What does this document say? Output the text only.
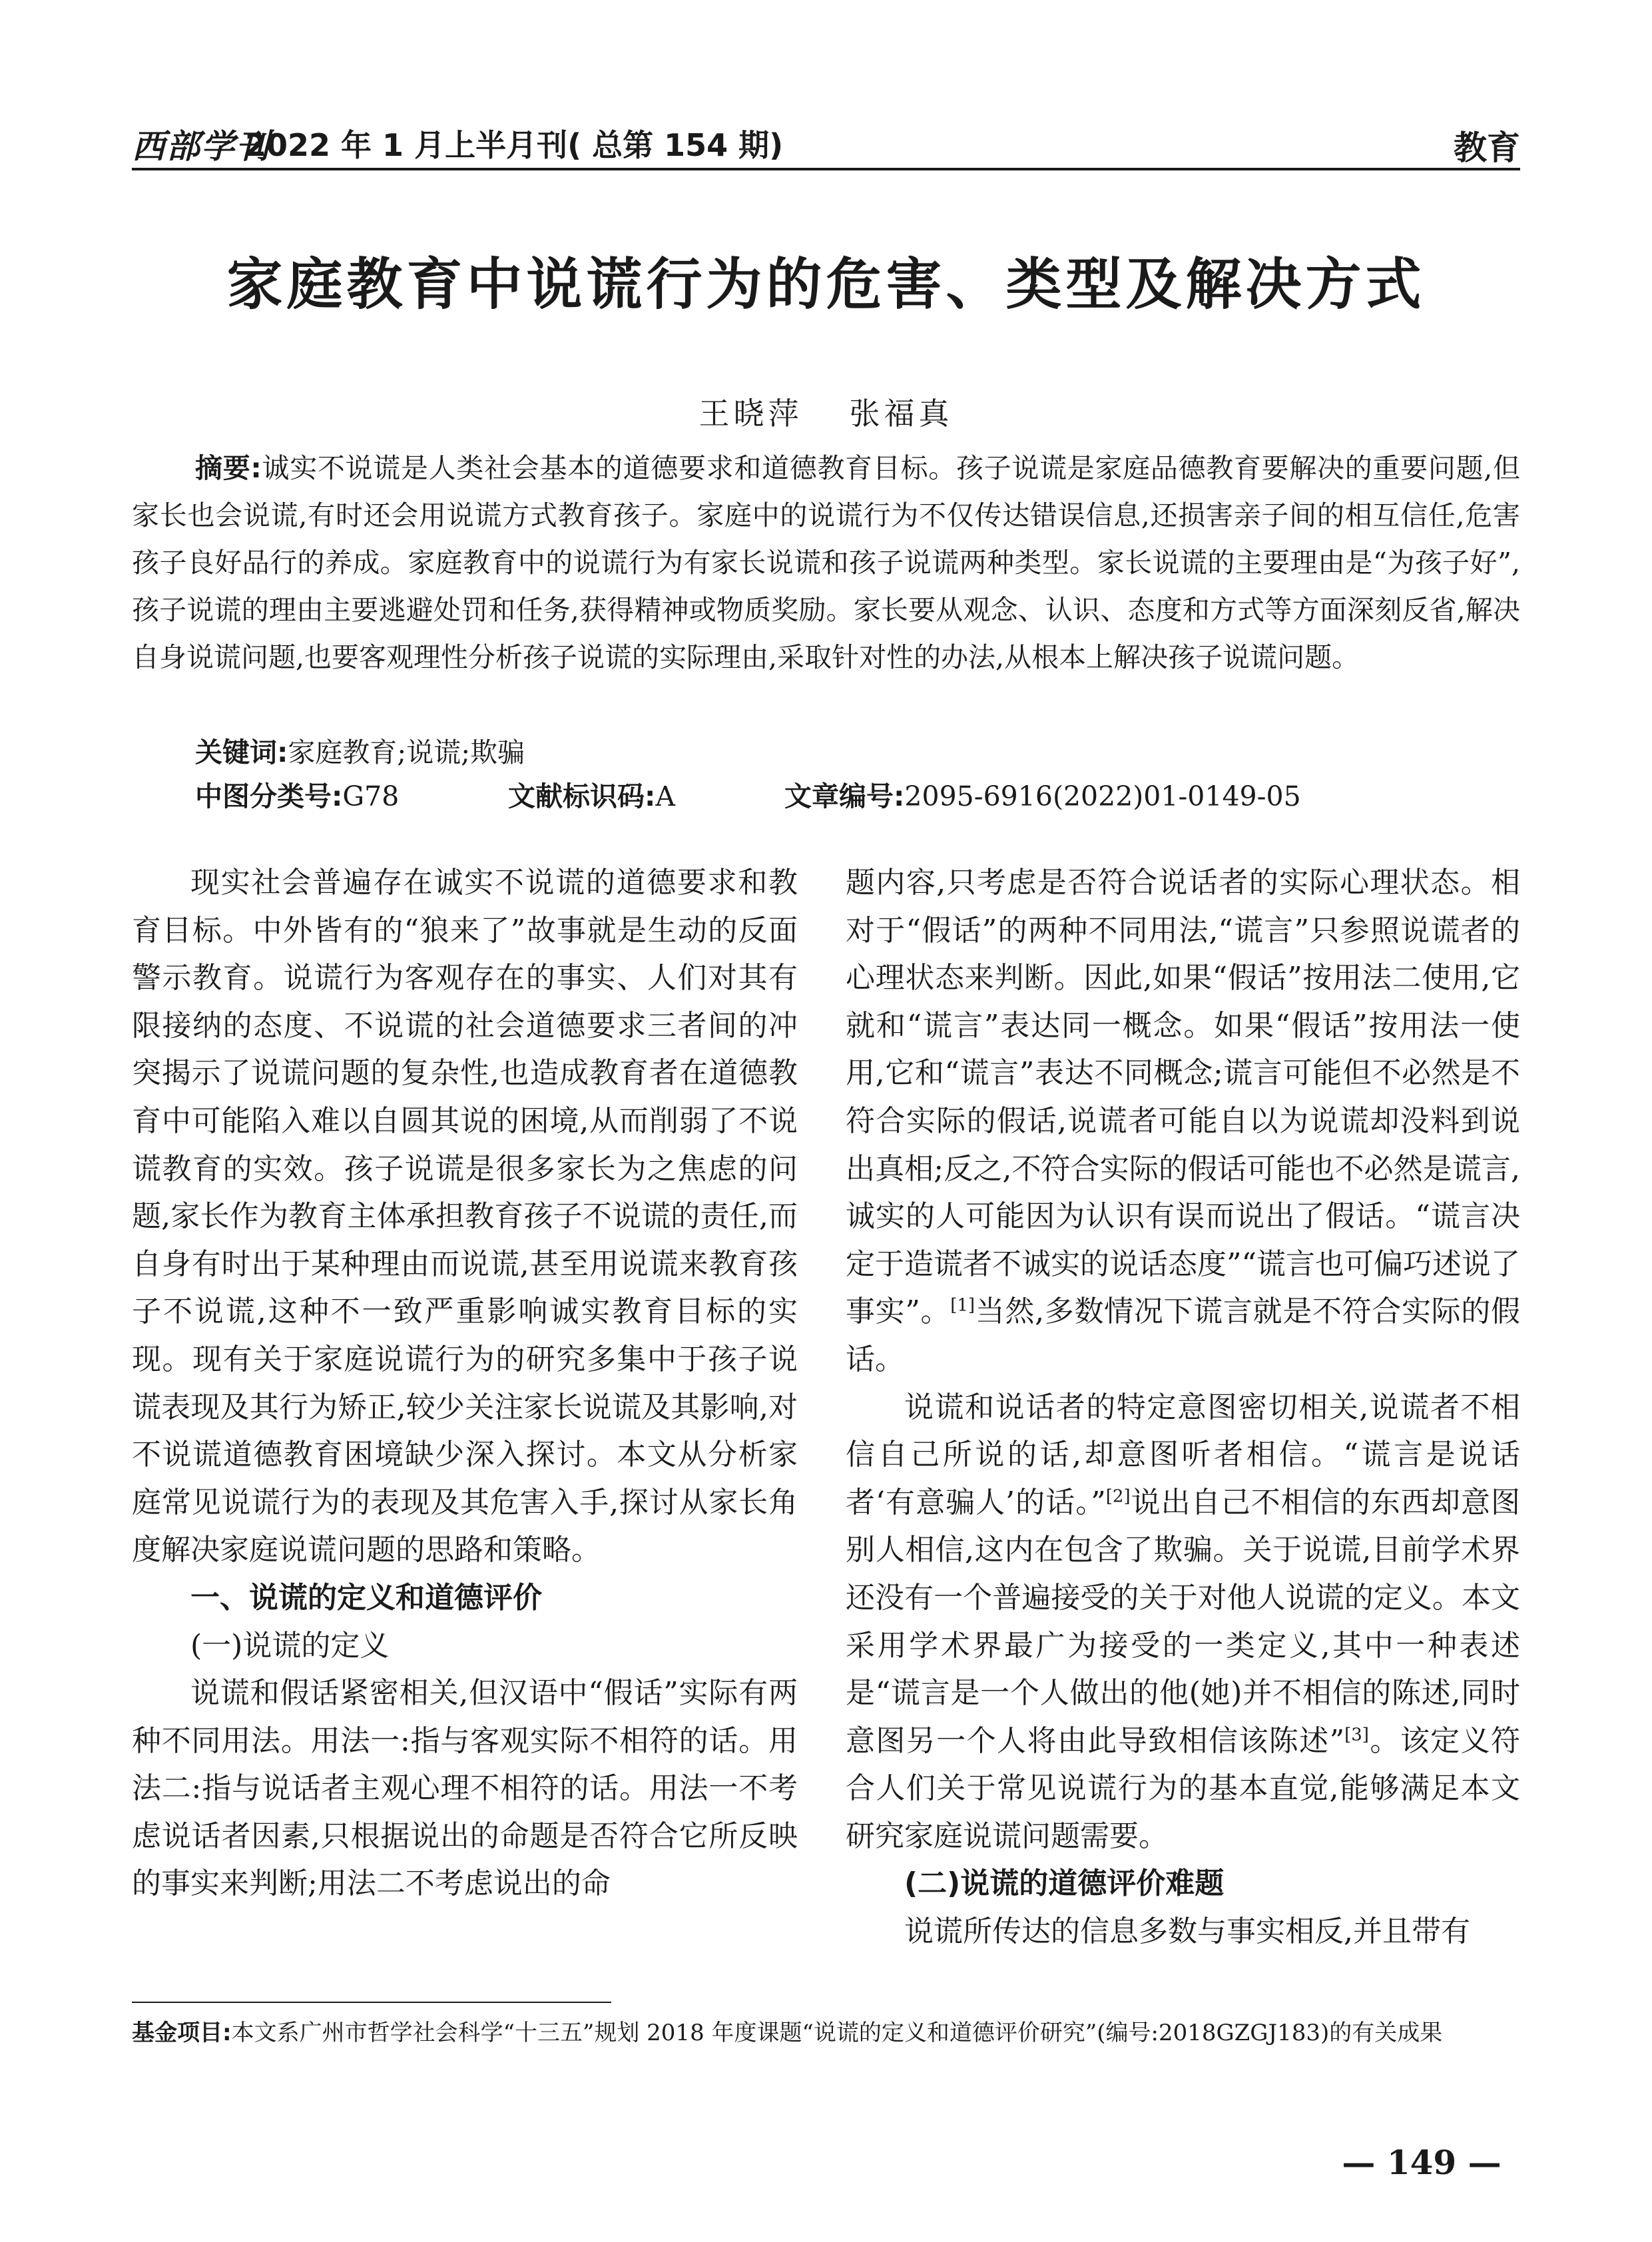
西部学刊
2022 年 1 月上半月刊( 总第 154 期)	教育
家庭教育中说谎行为的危害、类型及解决方式
王晓萍 张福真
摘要:诚实不说谎是人类社会基本的道德要求和道德教育目标。孩子说谎是家庭品德教育要解决的重要问题,但家长也会说谎,有时还会用说谎方式教育孩子。家庭中的说谎行为不仅传达错误信息,还损害亲子间的相互信任,危害孩子良好品行的养成。家庭教育中的说谎行为有家长说谎和孩子说谎两种类型。家长说谎的主要理由是“为孩子好”,孩子说谎的理由主要逃避处罚和任务,获得精神或物质奖励。家长要从观念、认识、态度和方式等方面深刻反省,解决自身说谎问题,也要客观理性分析孩子说谎的实际理由,采取针对性的办法,从根本上解决孩子说谎问题。
关键词:家庭教育;说谎;欺骗
中图分类号:G78	文献标识码:A	文章编号:2095-6916(2022)01-0149-05

现实社会普遍存在诚实不说谎的道德要求和教育目标。中外皆有的“狼来了”故事就是生动的反面警示教育。说谎行为客观存在的事实、人们对其有限接纳的态度、不说谎的社会道德要求三者间的冲突揭示了说谎问题的复杂性,也造成教育者在道德教育中可能陷入难以自圆其说的困境,从而削弱了不说谎教育的实效。孩子说谎是很多家长为之焦虑的问题,家长作为教育主体承担教育孩子不说谎的责任,而自身有时出于某种理由而说谎,甚至用说谎来教育孩子不说谎,这种不一致严重影响诚实教育目标的实现。现有关于家庭说谎行为的研究多集中于孩子说谎表现及其行为矫正,较少关注家长说谎及其影响,对不说谎道德教育困境缺少深入探讨。本文从分析家庭常见说谎行为的表现及其危害入手,探讨从家长角度解决家庭说谎问题的思路和策略。

一、说谎的定义和道德评价
(一)说谎的定义

说谎和假话紧密相关,但汉语中“假话”实际有两种不同用法。用法一:指与客观实际不相符的话。用法二:指与说话者主观心理不相符的话。用法一不考虑说话者因素,只根据说出的命题是否符合它所反映的事实来判断;用法二不考虑说出的命

题内容,只考虑是否符合说话者的实际心理状态。相对于“假话”的两种不同用法,“谎言”只参照说谎者的心理状态来判断。因此,如果“假话”按用法二使用,它就和“谎言”表达同一概念。如果“假话”按用法一使用,它和“谎言”表达不同概念;谎言可能但不必然是不符合实际的假话,说谎者可能自以为说谎却没料到说出真相;反之,不符合实际的假话可能也不必然是谎言,诚实的人可能因为认识有误而说出了假话。“谎言决定于造谎者不诚实的说话态度”“谎言也可偏巧述说了事实”。[1]当然,多数情况下谎言就是不符合实际的假话。

说谎和说话者的特定意图密切相关,说谎者不相信自己所说的话,却意图听者相信。“谎言是说话者‘有意骗人’的话。”[2]说出自己不相信的东西却意图别人相信,这内在包含了欺骗。关于说谎,目前学术界还没有一个普遍接受的关于对他人说谎的定义。本文采用学术界最广为接受的一类定义,其中一种表述是“谎言是一个人做出的他(她)并不相信的陈述,同时意图另一个人将由此导致相信该陈述”[3]。该定义符合人们关于常见说谎行为的基本直觉,能够满足本文研究家庭说谎问题需要。

(二)说谎的道德评价难题

说谎所传达的信息多数与事实相反,并且带有

基金项目:本文系广州市哲学社会科学“十三五”规划 2018 年度课题“说谎的定义和道德评价研究”(编号:2018GZGJ183)的有关成果
— 149 —
